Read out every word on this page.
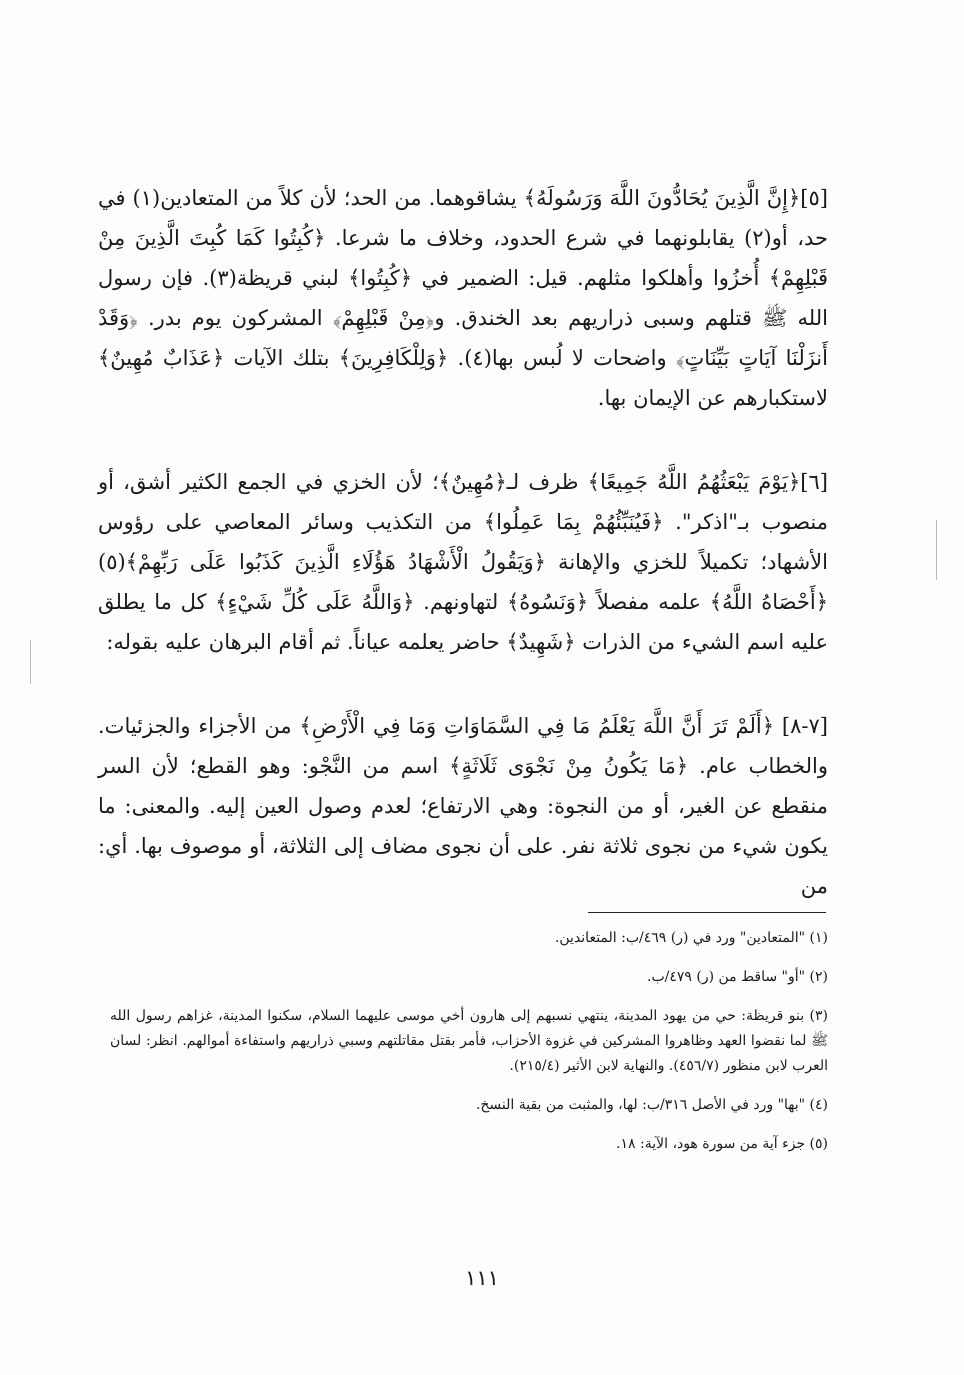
[٥]﴿إِنَّ الَّذِينَ يُحَادُّونَ اللَّهَ وَرَسُولَهُ﴾ يشاقوهما. من الحد؛ لأن كلاً من المتعادين(١) في حد، أو(٢) يقابلونهما في شرع الحدود، وخلاف ما شرعا. ﴿كُبِتُوا كَمَا كُبِتَ الَّذِينَ مِنْ قَبْلِهِمْ﴾ أُخزُوا وأهلكوا مثلهم. قيل: الضمير في ﴿كُبِتُوا﴾ لبني قريظة(٣). فإن رسول الله ﷺ قتلهم وسبى ذراريهم بعد الخندق. و﴿مِنْ قَبْلِهِمْ﴾ المشركون يوم بدر. ﴿وَقَدْ أَنزَلْنَا آيَاتٍ بَيِّنَاتٍ﴾ واضحات لا لُبس بها(٤). ﴿وَلِلْكَافِرِينَ﴾ بتلك الآيات ﴿عَذَابٌ مُهِينٌ﴾ لاستكبارهم عن الإيمان بها.

[٦]﴿يَوْمَ يَبْعَثُهُمُ اللَّهُ جَمِيعًا﴾ ظرف لـ﴿مُهِينٌ﴾؛ لأن الخزي في الجمع الكثير أشق، أو منصوب بـ"اذكر". ﴿فَيُنَبِّئُهُمْ بِمَا عَمِلُوا﴾ من التكذيب وسائر المعاصي على رؤوس الأشهاد؛ تكميلاً للخزي والإهانة ﴿وَيَقُولُ الْأَشْهَادُ هَؤُلَاءِ الَّذِينَ كَذَبُوا عَلَى رَبِّهِمْ﴾(٥) ﴿أَحْصَاهُ اللَّهُ﴾ علمه مفصلاً ﴿وَنَسُوهُ﴾ لتهاونهم. ﴿وَاللَّهُ عَلَى كُلِّ شَيْءٍ﴾ كل ما يطلق عليه اسم الشيء من الذرات ﴿شَهِيدٌ﴾ حاضر يعلمه عياناً. ثم أقام البرهان عليه بقوله:

[٧-٨] ﴿أَلَمْ تَرَ أَنَّ اللَّهَ يَعْلَمُ مَا فِي السَّمَاوَاتِ وَمَا فِي الْأَرْضِ﴾ من الأجزاء والجزئيات. والخطاب عام. ﴿مَا يَكُونُ مِنْ نَجْوَى ثَلَاثَةٍ﴾ اسم من النَّجْو: وهو القطع؛ لأن السر منقطع عن الغير، أو من النجوة: وهي الارتفاع؛ لعدم وصول العين إليه. والمعنى: ما يكون شيء من نجوى ثلاثة نفر. على أن نجوى مضاف إلى الثلاثة، أو موصوف بها. أي: من

(١) "المتعادين" ورد في (ر) ٤٦٩/ب: المتعاندين.

(٢) "أو" ساقط من (ر) ٤٧٩/ب.

(٣) بنو قريظة: حي من يهود المدينة، ينتهي نسبهم إلى هارون أخي موسى عليهما السلام، سكنوا المدينة، غزاهم رسول الله ﷺ لما نقضوا العهد وظاهروا المشركين في غزوة الأحزاب، فأمر بقتل مقاتلتهم وسبي ذراريهم واستفاءة أموالهم. انظر: لسان العرب لابن منظور (٤٥٦/٧). والنهاية لابن الأثير (٢١٥/٤).

(٤) "بها" ورد في الأصل ٣١٦/ب: لها، والمثبت من بقية النسخ.

(٥) جزء آية من سورة هود، الآية: ١٨.

١١١
